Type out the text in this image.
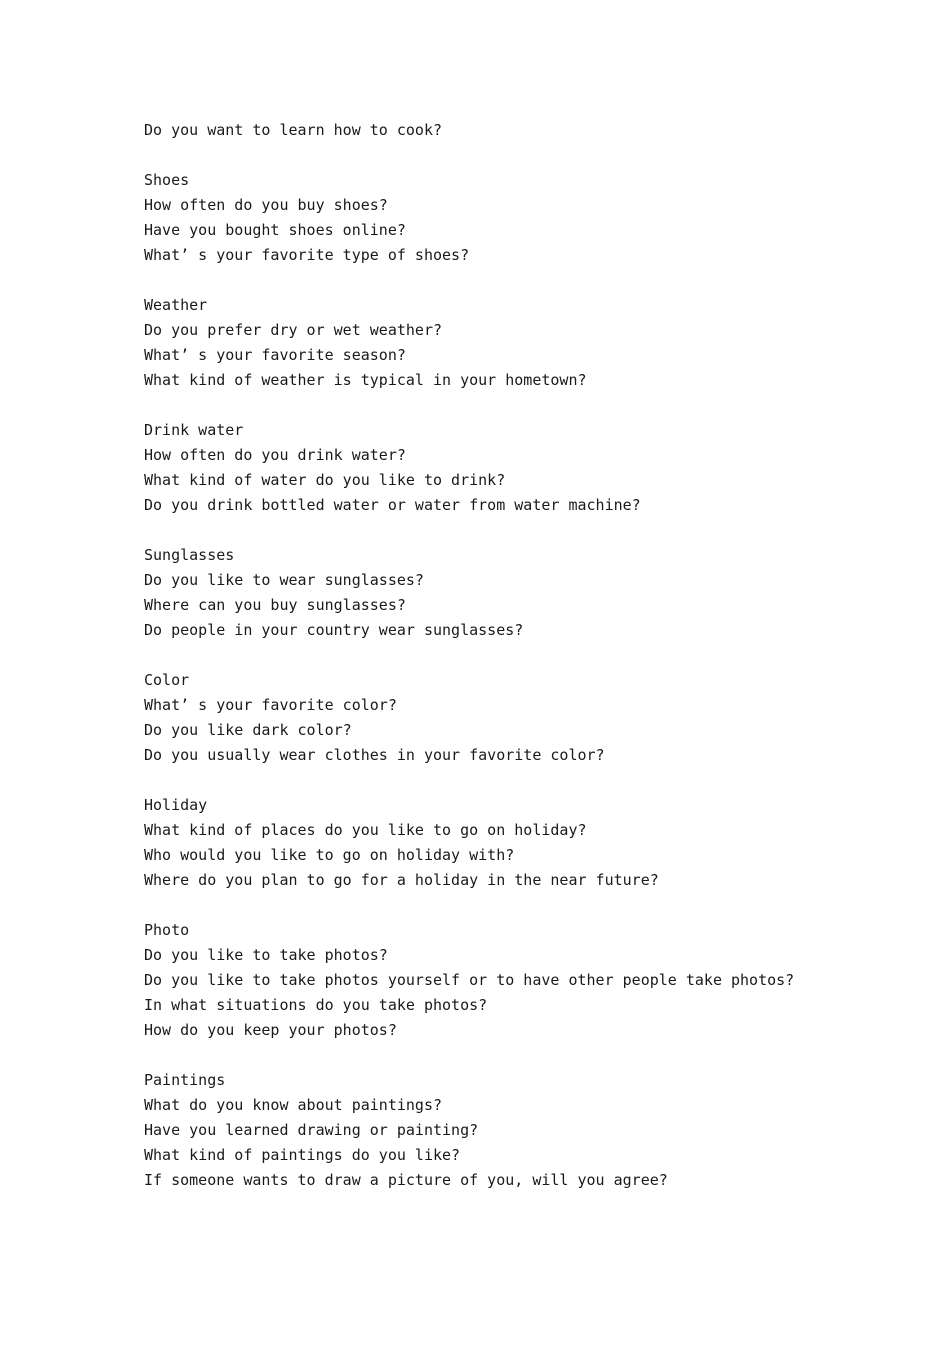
Do you want to learn how to cook?

Shoes

How often do you buy shoes?

Have you bought shoes online?

What’ s your favorite type of shoes?

Weather

Do you prefer dry or wet weather?

What’ s your favorite season?

What kind of weather is typical in your hometown?

Drink water

How often do you drink water?

What kind of water do you like to drink?

Do you drink bottled water or water from water machine?

Sunglasses

Do you like to wear sunglasses?

Where can you buy sunglasses?

Do people in your country wear sunglasses?

Color

What’ s your favorite color?

Do you like dark color?

Do you usually wear clothes in your favorite color?

Holiday

What kind of places do you like to go on holiday?

Who would you like to go on holiday with?

Where do you plan to go for a holiday in the near future?

Photo

Do you like to take photos?

Do you like to take photos yourself or to have other people take photos?

In what situations do you take photos?

How do you keep your photos?

Paintings

What do you know about paintings?

Have you learned drawing or painting?

What kind of paintings do you like?

If someone wants to draw a picture of you, will you agree?
